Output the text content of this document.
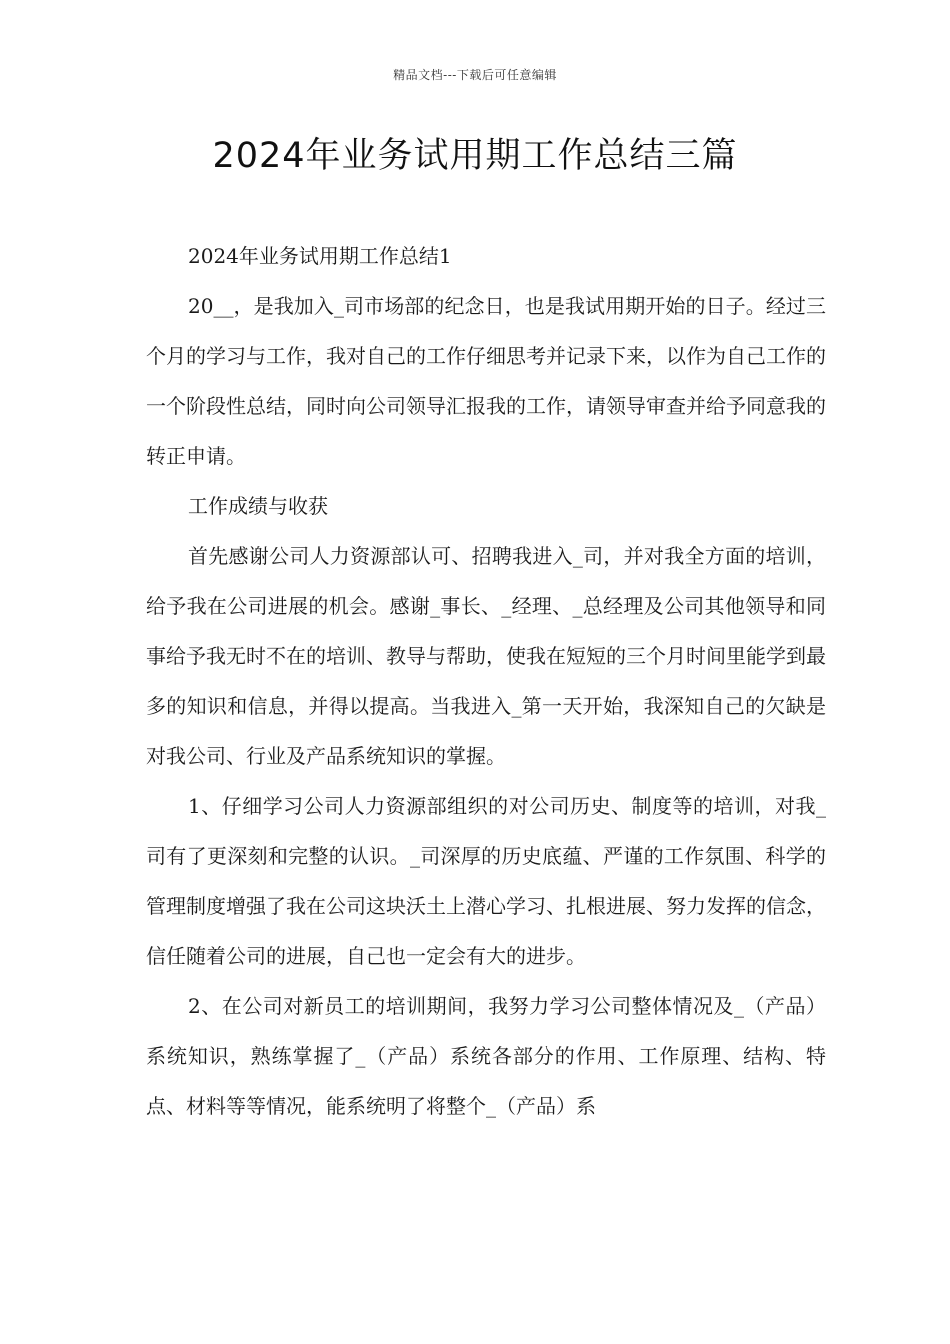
精品文档---下载后可任意编辑
2024年业务试用期工作总结三篇

2024年业务试用期工作总结1

20__，是我加入_司市场部的纪念日，也是我试用期开始的日子。经过三个月的学习与工作，我对自己的工作仔细思考并记录下来，以作为自己工作的一个阶段性总结，同时向公司领导汇报我的工作，请领导审查并给予同意我的转正申请。

工作成绩与收获

首先感谢公司人力资源部认可、招聘我进入_司，并对我全方面的培训，给予我在公司进展的机会。感谢_事长、_经理、_总经理及公司其他领导和同事给予我无时不在的培训、教导与帮助，使我在短短的三个月时间里能学到最多的知识和信息，并得以提高。当我进入_第一天开始，我深知自己的欠缺是对我公司、行业及产品系统知识的掌握。

1、仔细学习公司人力资源部组织的对公司历史、制度等的培训，对我_司有了更深刻和完整的认识。_司深厚的历史底蕴、严谨的工作氛围、科学的管理制度增强了我在公司这块沃土上潜心学习、扎根进展、努力发挥的信念，信任随着公司的进展，自己也一定会有大的进步。

2、在公司对新员工的培训期间，我努力学习公司整体情况及_（产品）系统知识，熟练掌握了_（产品）系统各部分的作用、工作原理、结构、特点、材料等等情况，能系统明了将整个_（产品）系
